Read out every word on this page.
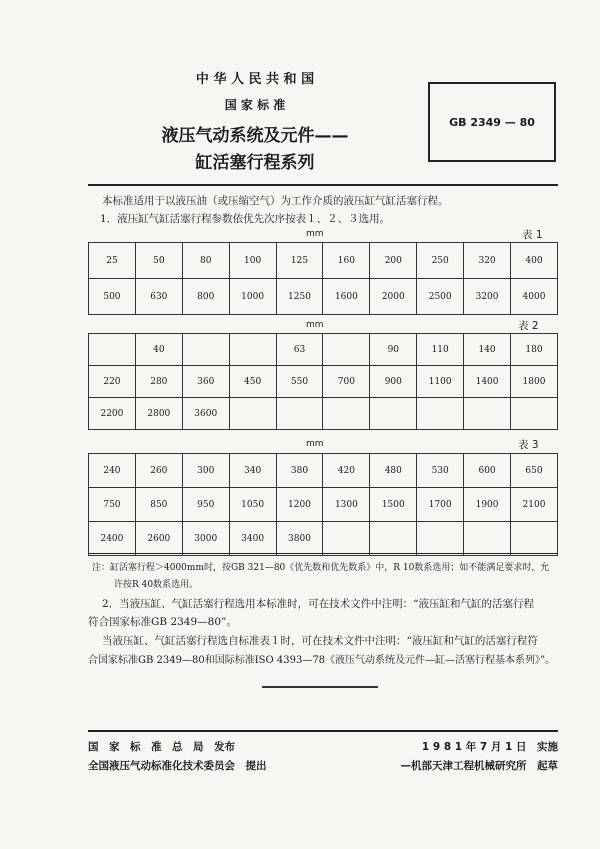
中 华 人 民 共 和 国
国 家 标 准
液压气动系统及元件——
缸活塞行程系列
GB 2349 — 80
本标准适用于以液压油（或压缩空气）为工作介质的液压缸气缸活塞行程。
1．液压缸气缸活塞行程参数依优先次序按表１、２、３选用。
mm	表 1
25	50	80	100	125	160	200	250	320	400
500	630	800	1000	1250	1600	2000	2500	3200	4000
mm	表 2
	40			63		90	110	140	180
220	280	360	450	550	700	900	1100	1400	1800
2200	2800	3600							
mm	表 3
240	260	300	340	380	420	480	530	600	650
750	850	950	1050	1200	1300	1500	1700	1900	2100
2400	2600	3000	3400	3800					
注：缸活塞行程＞4000mm时，按GB 321—80《优先数和优先数系》中，R 10数系选用；如不能满足要求时，允
许按R 40数系选用。
2．当液压缸、气缸活塞行程选用本标准时，可在技术文件中注明：“液压缸和气缸的活塞行程
符合国家标准GB 2349—80”。
当液压缸、气缸活塞行程选自标准表１时，可在技术文件中注明：“液压缸和气缸的活塞行程符
合国家标准GB 2349—80和国际标准ISO 4393—78《液压气动系统及元件—缸—活塞行程基本系列》”。
国　家　标　准　总　局　发布
全国液压气动标准化技术委员会　提出
1 9 8 1 年 7 月 1 日　实施
—机部天津工程机械研究所　起草
